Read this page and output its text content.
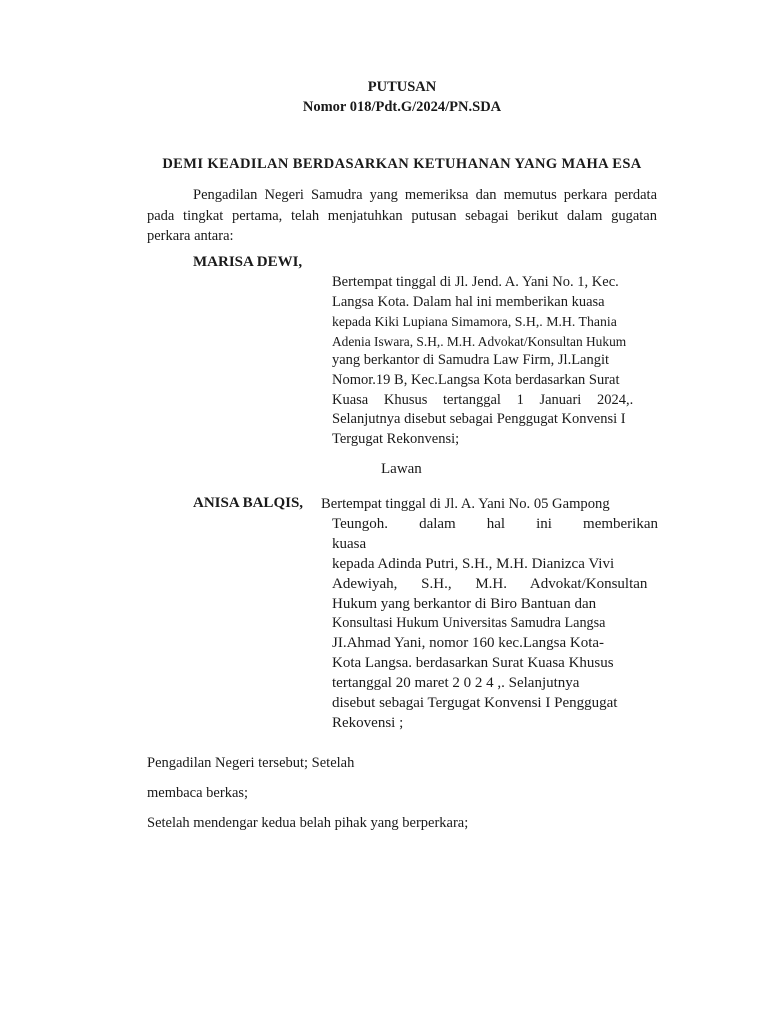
PUTUSAN
Nomor 018/Pdt.G/2024/PN.SDA
DEMI KEADILAN BERDASARKAN KETUHANAN YANG MAHA ESA
Pengadilan Negeri Samudra yang memeriksa dan memutus perkara perdata pada tingkat pertama, telah menjatuhkan putusan sebagai berikut dalam gugatan perkara antara:
MARISA DEWI,
Bertempat tinggal di Jl. Jend. A. Yani No. 1, Kec.
Langsa Kota. Dalam hal ini memberikan kuasa
kepada Kiki Lupiana Simamora, S.H,. M.H. Thania
Adenia Iswara, S.H,. M.H. Advokat/Konsultan Hukum
yang berkantor di Samudra Law Firm, Jl.Langit
Nomor.19 B, Kec.Langsa Kota berdasarkan Surat
Kuasa Khusus tertanggal 1 Januari 2024,.
Selanjutnya disebut sebagai Penggugat Konvensi I
Tergugat Rekonvensi;
Lawan
ANISA BALQIS, Bertempat tinggal di Jl. A. Yani No. 05 Gampong
Teungoh. dalam hal ini memberikan kuasa
kepada Adinda Putri, S.H., M.H. Dianizca Vivi
Adewiyah, S.H., M.H. Advokat/Konsultan
Hukum yang berkantor di Biro Bantuan dan
Konsultasi Hukum Universitas Samudra Langsa
JI.Ahmad Yani, nomor 160 kec.Langsa Kota-
Kota Langsa. berdasarkan Surat Kuasa Khusus
tertanggal 20 maret 2 0 2 4 ,. Selanjutnya
disebut sebagai Tergugat Konvensi I Penggugat
Rekovensi ;
Pengadilan Negeri tersebut; Setelah
membaca berkas;
Setelah mendengar kedua belah pihak yang berperkara;
